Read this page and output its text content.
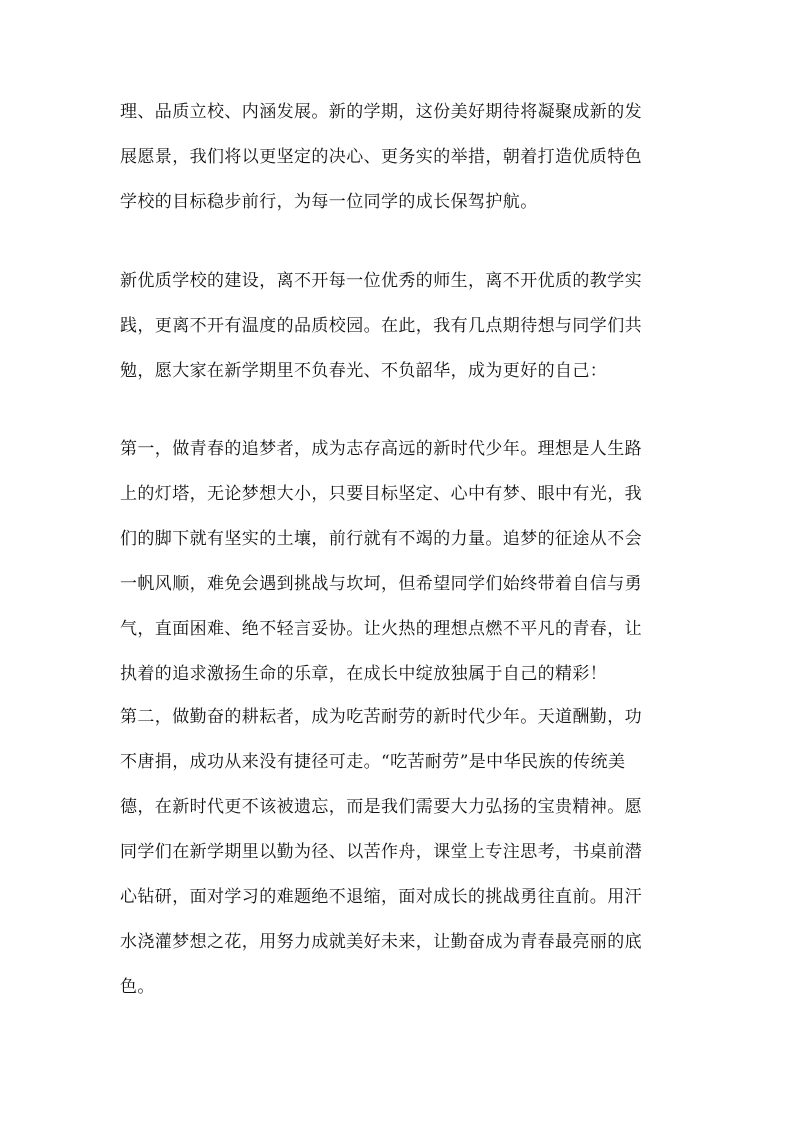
理、品质立校、内涵发展。新的学期，这份美好期待将凝聚成新的发
展愿景，我们将以更坚定的决心、更务实的举措，朝着打造优质特色
学校的目标稳步前行，为每一位同学的成长保驾护航。
新优质学校的建设，离不开每一位优秀的师生，离不开优质的教学实
践，更离不开有温度的品质校园。在此，我有几点期待想与同学们共
勉，愿大家在新学期里不负春光、不负韶华，成为更好的自己：
第一，做青春的追梦者，成为志存高远的新时代少年。理想是人生路
上的灯塔，无论梦想大小，只要目标坚定、心中有梦、眼中有光，我
们的脚下就有坚实的土壤，前行就有不竭的力量。追梦的征途从不会
一帆风顺，难免会遇到挑战与坎坷，但希望同学们始终带着自信与勇
气，直面困难、绝不轻言妥协。让火热的理想点燃不平凡的青春，让
执着的追求激扬生命的乐章，在成长中绽放独属于自己的精彩！
第二，做勤奋的耕耘者，成为吃苦耐劳的新时代少年。天道酬勤，功
不唐捐，成功从来没有捷径可走。“吃苦耐劳”是中华民族的传统美
德，在新时代更不该被遗忘，而是我们需要大力弘扬的宝贵精神。愿
同学们在新学期里以勤为径、以苦作舟，课堂上专注思考，书桌前潜
心钻研，面对学习的难题绝不退缩，面对成长的挑战勇往直前。用汗
水浇灌梦想之花，用努力成就美好未来，让勤奋成为青春最亮丽的底
色。
